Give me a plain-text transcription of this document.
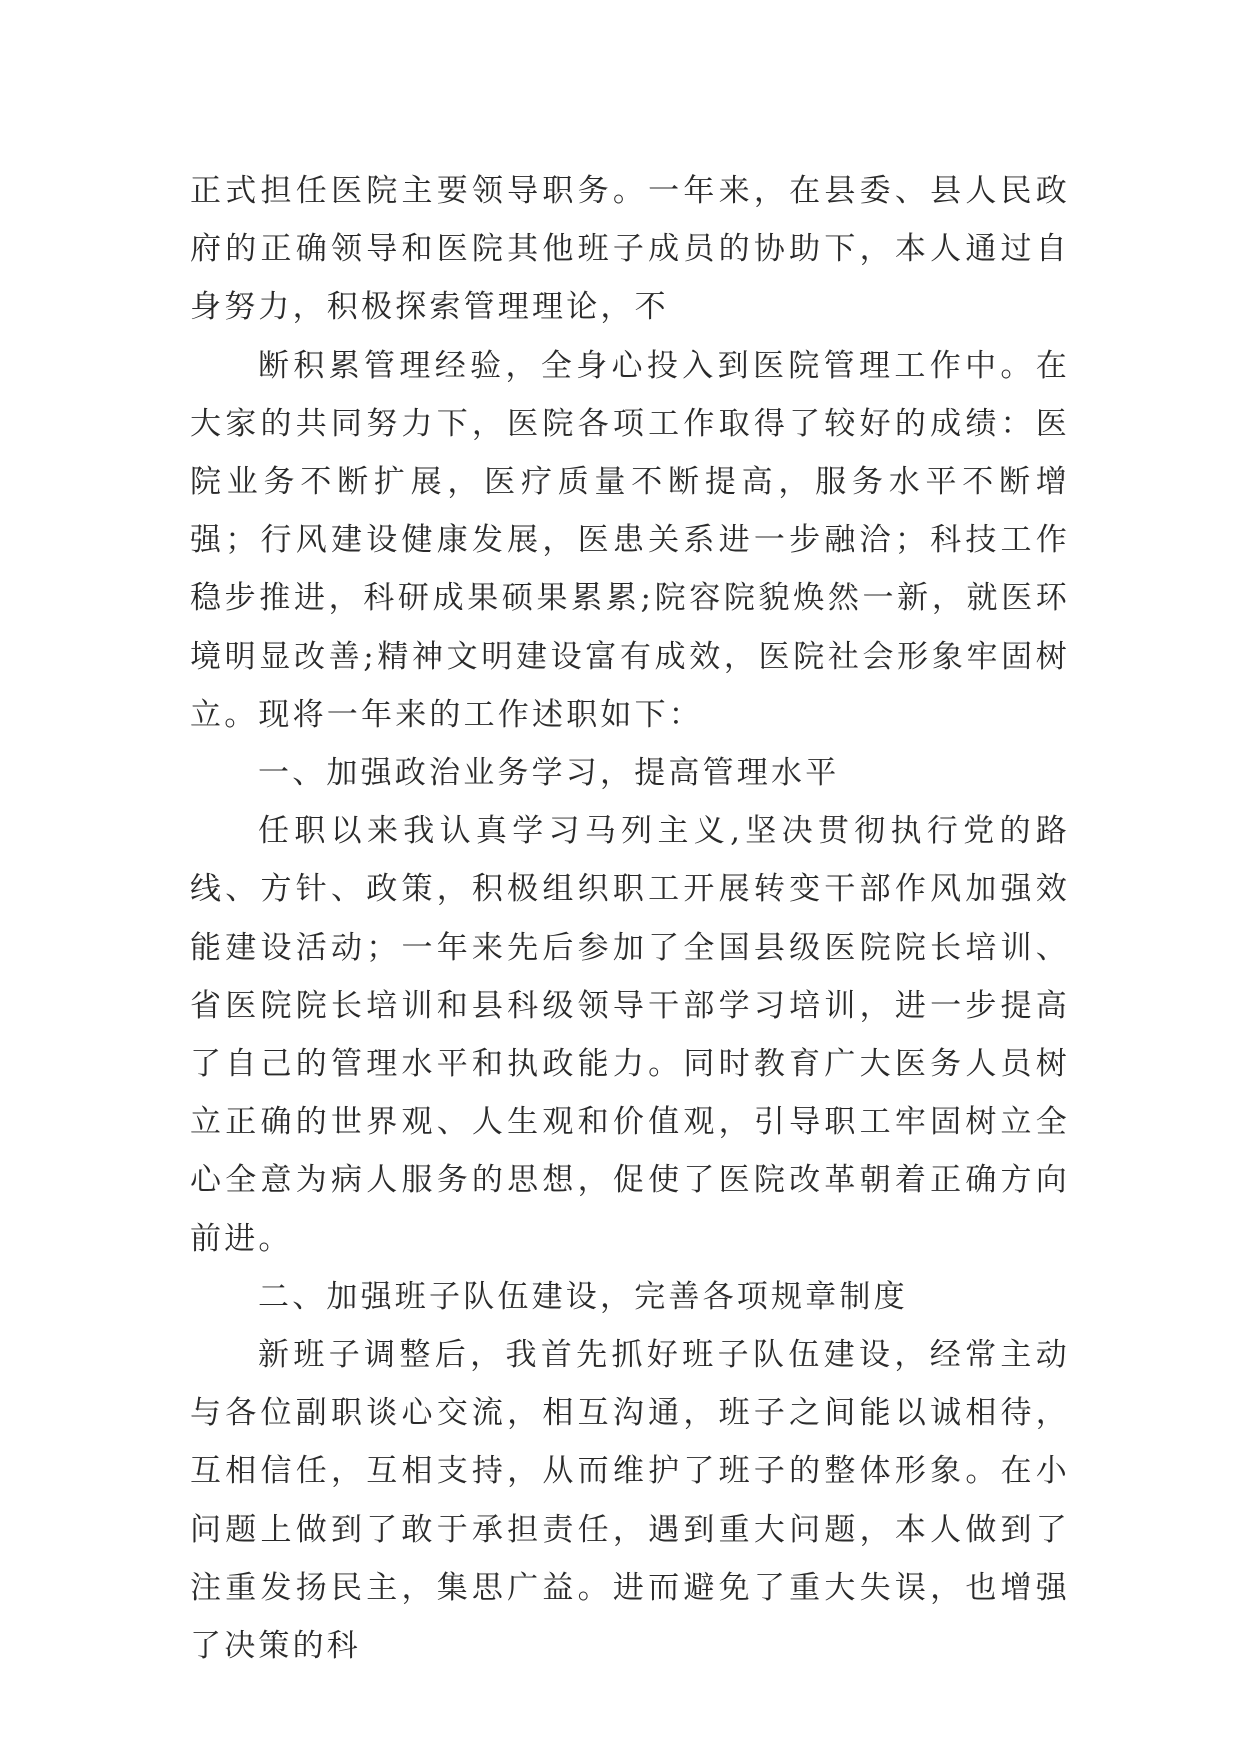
正式担任医院主要领导职务。一年来，在县委、县人民政府的正确领导和医院其他班子成员的协助下，本人通过自身努力，积极探索管理理论，不

断积累管理经验，全身心投入到医院管理工作中。在大家的共同努力下，医院各项工作取得了较好的成绩：医院业务不断扩展，医疗质量不断提高，服务水平不断增强；行风建设健康发展，医患关系进一步融洽；科技工作稳步推进，科研成果硕果累累;院容院貌焕然一新，就医环境明显改善;精神文明建设富有成效，医院社会形象牢固树立。现将一年来的工作述职如下：

一、加强政治业务学习，提高管理水平

任职以来我认真学习马列主义,坚决贯彻执行党的路线、方针、政策，积极组织职工开展转变干部作风加强效能建设活动；一年来先后参加了全国县级医院院长培训、省医院院长培训和县科级领导干部学习培训，进一步提高了自己的管理水平和执政能力。同时教育广大医务人员树立正确的世界观、人生观和价值观，引导职工牢固树立全心全意为病人服务的思想，促使了医院改革朝着正确方向前进。

二、加强班子队伍建设，完善各项规章制度

新班子调整后，我首先抓好班子队伍建设，经常主动与各位副职谈心交流，相互沟通，班子之间能以诚相待，互相信任，互相支持，从而维护了班子的整体形象。在小问题上做到了敢于承担责任，遇到重大问题，本人做到了注重发扬民主，集思广益。进而避免了重大失误，也增强了决策的科
